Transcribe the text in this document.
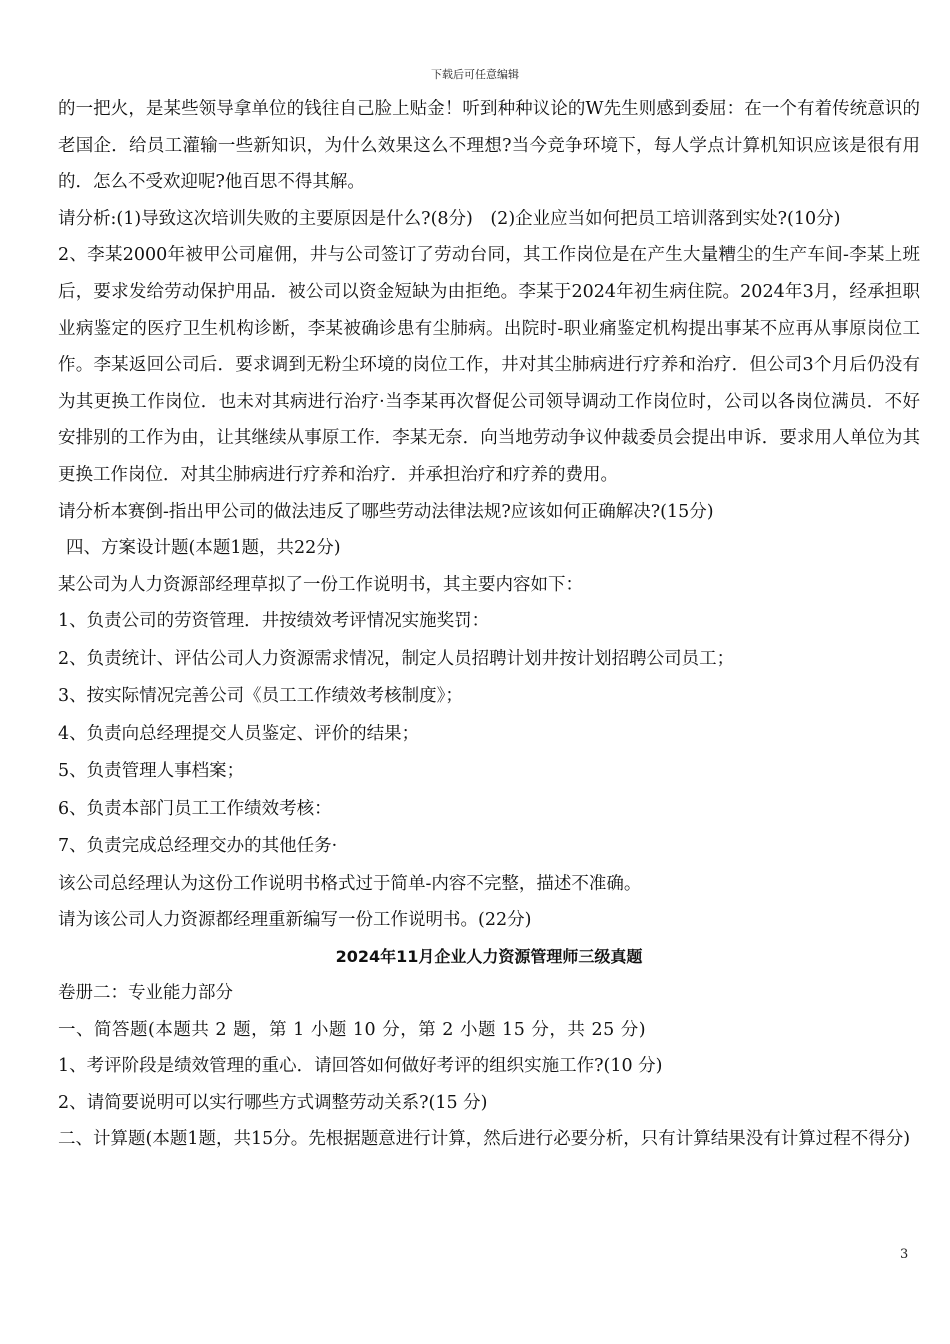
下载后可任意编辑

的一把火，是某些领导拿单位的钱往自己脸上贴金！听到种种议论的W先生则感到委屈：在一个有着传统意识的老国企．给员工灌输一些新知识，为什么效果这么不理想?当今竞争环境下，每人学点计算机知识应该是很有用的．怎么不受欢迎呢?他百思不得其解。

请分析:(1)导致这次培训失败的主要原因是什么?(8分)　(2)企业应当如何把员工培训落到实处?(10分)

2、李某2000年被甲公司雇佣，井与公司签订了劳动台同，其工作岗位是在产生大量糟尘的生产车间-李某上班后，要求发给劳动保护用品．被公司以资金短缺为由拒绝。李某于2024年初生病住院。2024年3月，经承担职业病鉴定的医疗卫生机构诊断，李某被确诊患有尘肺病。出院时-职业痛鉴定机构提出事某不应再从事原岗位工作。李某返回公司后．要求调到无粉尘环境的岗位工作，井对其尘肺病进行疗养和治疗．但公司3个月后仍没有为其更换工作岗位．也未对其病进行治疗·当李某再次督促公司领导调动工作岗位时，公司以各岗位满员．不好安排别的工作为由，让其继续从事原工作．李某无奈．向当地劳动争议仲裁委员会提出申诉．要求用人单位为其更换工作岗位．对其尘肺病进行疗养和治疗．并承担治疗和疗养的费用。

请分析本赛倒-指出甲公司的做法违反了哪些劳动法律法规?应该如何正确解决?(15分)

四、方案设计题(本题1题，共22分)

某公司为人力资源部经理草拟了一份工作说明书，其主要内容如下：

1、负责公司的劳资管理．井按绩效考评情况实施奖罚：

2、负责统计、评估公司人力资源需求情况，制定人员招聘计划井按计划招聘公司员工；

3、按实际情况完善公司《员工工作绩效考核制度》；

4、负责向总经理提交人员鉴定、评价的结果；

5、负责管理人事档案；

6、负责本部门员工工作绩效考核：

7、负责完成总经理交办的其他任务·

该公司总经理认为这份工作说明书格式过于简单-内容不完整，描述不准确。

请为该公司人力资源都经理重新编写一份工作说明书。(22分)

2024年11月企业人力资源管理师三级真题

卷册二：专业能力部分

一、简答题(本题共 2 题，第 1 小题 10 分，第 2 小题 15 分，共 25 分)

1、考评阶段是绩效管理的重心．请回答如何做好考评的组织实施工作?(10 分)

2、请简要说明可以实行哪些方式调整劳动关系?(15 分)

二、计算题(本题1题，共15分。先根据题意进行计算，然后进行必要分析，只有计算结果没有计算过程不得分)

3
